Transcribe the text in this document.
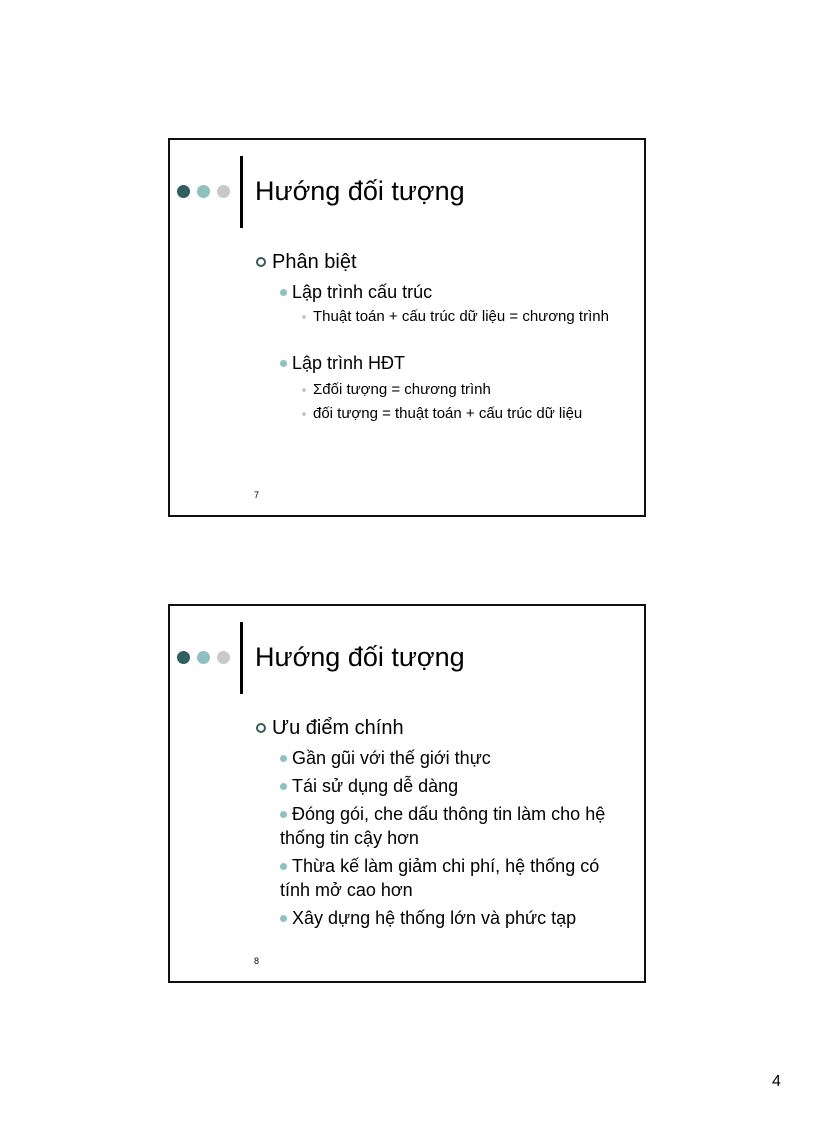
Hướng đối tượng
Phân biệt
Lập trình cấu trúc
Thuật toán + cấu trúc dữ liệu = chương trình
Lập trình HĐT
Σđối tượng = chương trình
đối tượng = thuật toán + cấu trúc dữ liệu
7
Hướng đối tượng
Ưu điểm chính
Gần gũi với thế giới thực
Tái sử dụng dễ dàng
Đóng gói, che dấu thông tin làm cho hệ thống tin cậy hơn
Thừa kế làm giảm chi phí, hệ thống có tính mở cao hơn
Xây dựng hệ thống lớn và phức tạp
8
4
